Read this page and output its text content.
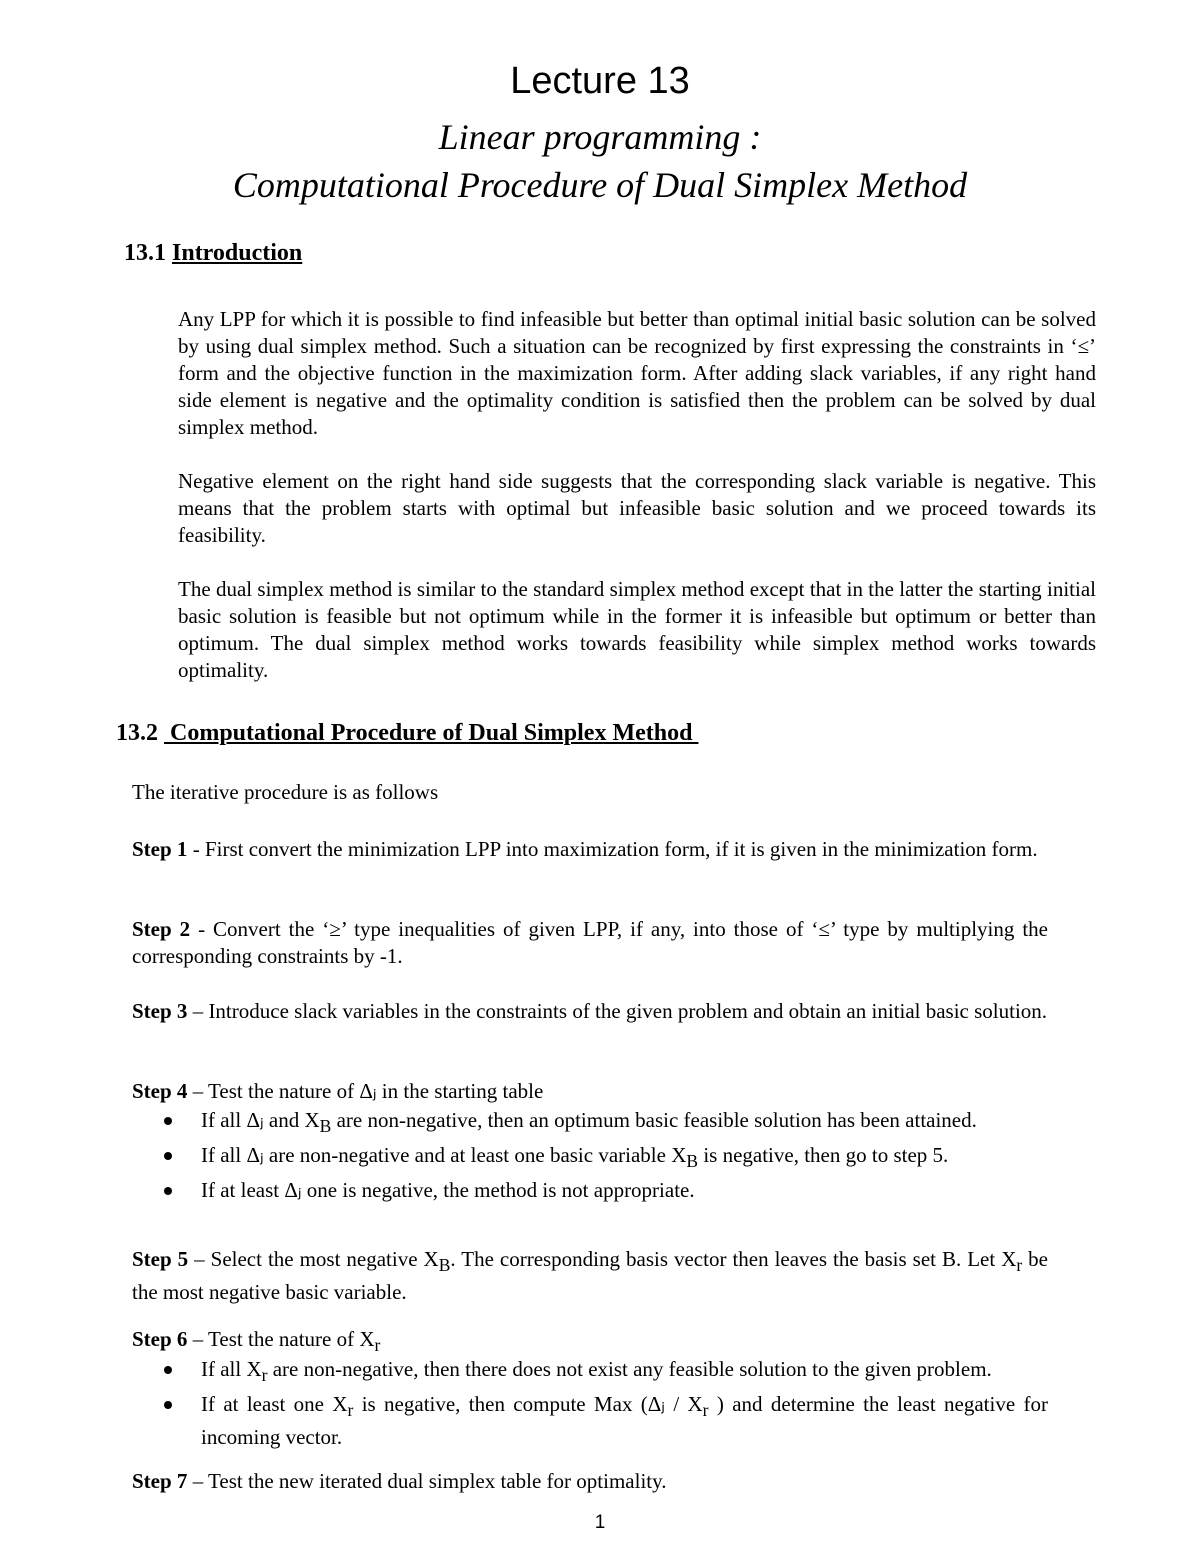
Lecture 13
Linear programming :
Computational Procedure of Dual Simplex Method
13.1 Introduction
Any LPP for which it is possible to find infeasible but better than optimal initial basic solution can be solved by using dual simplex method. Such a situation can be recognized by first expressing the constraints in ‘≤’ form and the objective function in the maximization form. After adding slack variables, if any right hand side element is negative and the optimality condition is satisfied then the problem can be solved by dual simplex method.
Negative element on the right hand side suggests that the corresponding slack variable is negative. This means that the problem starts with optimal but infeasible basic solution and we proceed towards its feasibility.
The dual simplex method is similar to the standard simplex method except that in the latter the starting initial basic solution is feasible but not optimum while in the former it is infeasible but optimum or better than optimum. The dual simplex method works towards feasibility while simplex method works towards optimality.
13.2  Computational Procedure of Dual Simplex Method
The iterative procedure is as follows
Step 1 - First convert the minimization LPP into maximization form, if it is given in the minimization form.
Step 2 - Convert the ‘≥’ type inequalities of given LPP, if any, into those of ‘≤’ type by multiplying the corresponding constraints by -1.
Step 3 – Introduce slack variables in the constraints of the given problem and obtain an initial basic solution.
Step 4 – Test the nature of Δⱼ in the starting table
If all Δⱼ and $X_B$ are non-negative, then an optimum basic feasible solution has been attained.
If all Δⱼ are non-negative and at least one basic variable $X_B$ is negative, then go to step 5.
If at least Δⱼ one is negative, the method is not appropriate.
Step 5 – Select the most negative $X_B$. The corresponding basis vector then leaves the basis set B. Let $X_r$ be the most negative basic variable.
Step 6 – Test the nature of $X_r$
If all $X_r$ are non-negative, then there does not exist any feasible solution to the given problem.
If at least one $X_r$ is negative, then compute Max (Δⱼ / $X_r$ ) and determine the least negative for incoming vector.
Step 7 – Test the new iterated dual simplex table for optimality.
1
